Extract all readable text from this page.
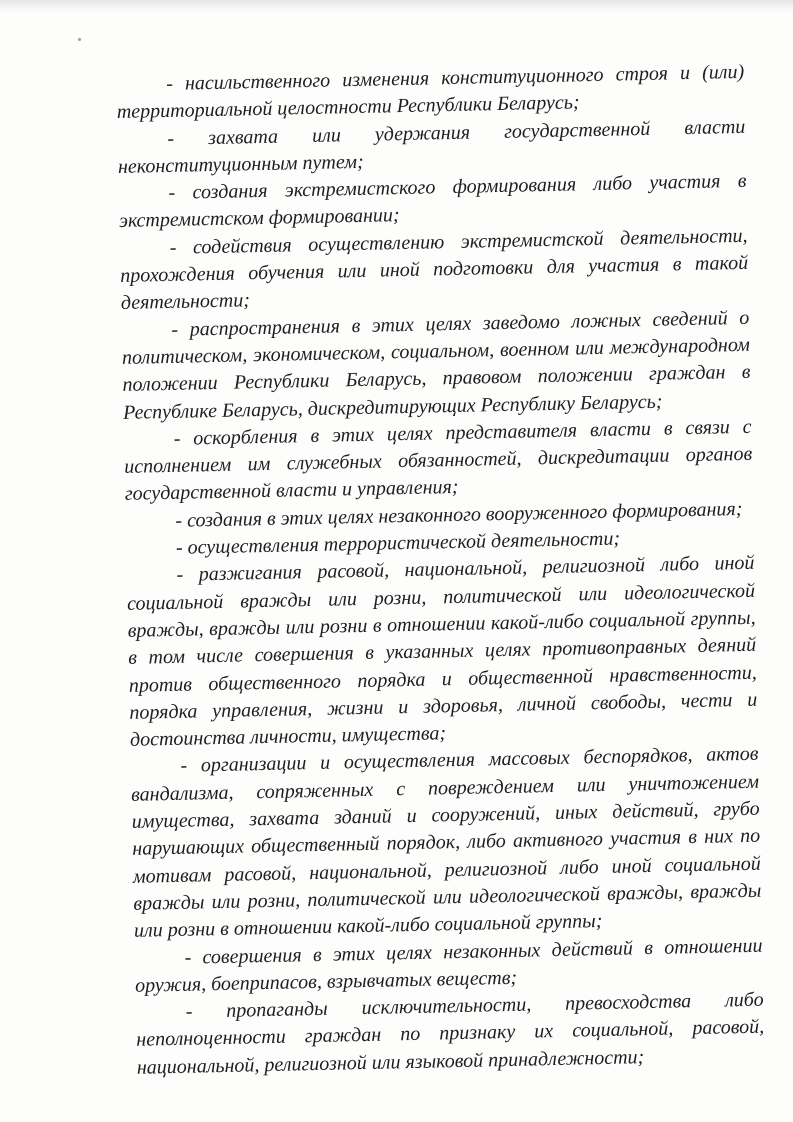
- насильственного изменения конституционного строя и (или) территориальной целостности Республики Беларусь;

- захвата или удержания государственной власти неконституционным путем;

- создания экстремистского формирования либо участия в экстремистском формировании;

- содействия осуществлению экстремистской деятельности, прохождения обучения или иной подготовки для участия в такой деятельности;

- распространения в этих целях заведомо ложных сведений о политическом, экономическом, социальном, военном или международном положении Республики Беларусь, правовом положении граждан в Республике Беларусь, дискредитирующих Республику Беларусь;

- оскорбления в этих целях представителя власти в связи с исполнением им служебных обязанностей, дискредитации органов государственной власти и управления;

- создания в этих целях незаконного вооруженного формирования;

- осуществления террористической деятельности;

- разжигания расовой, национальной, религиозной либо иной социальной вражды или розни, политической или идеологической вражды, вражды или розни в отношении какой-либо социальной группы, в том числе совершения в указанных целях противоправных деяний против общественного порядка и общественной нравственности, порядка управления, жизни и здоровья, личной свободы, чести и достоинства личности, имущества;

- организации и осуществления массовых беспорядков, актов вандализма, сопряженных с повреждением или уничтожением имущества, захвата зданий и сооружений, иных действий, грубо нарушающих общественный порядок, либо активного участия в них по мотивам расовой, национальной, религиозной либо иной социальной вражды или розни, политической или идеологической вражды, вражды или розни в отношении какой-либо социальной группы;

- совершения в этих целях незаконных действий в отношении оружия, боеприпасов, взрывчатых веществ;

- пропаганды исключительности, превосходства либо неполноценности граждан по признаку их социальной, расовой, национальной, религиозной или языковой принадлежности;
